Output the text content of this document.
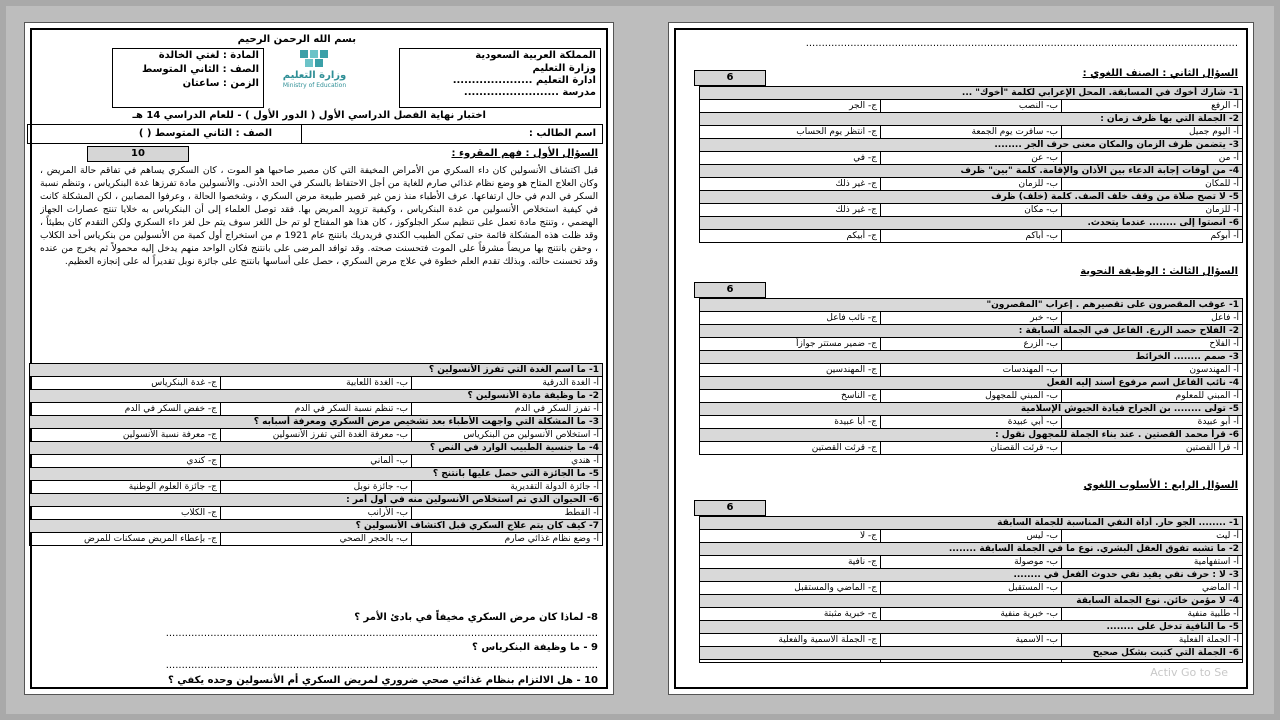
بسم الله الرحمن الرحيم
المملكة العربية السعودية
وزارة التعليم
ادارة التعليم .....................
مدرسة .........................
وزارة التعليم
Ministry of Education
المادة : لغتي الخالدة
الصف : الثاني المتوسط
الزمن : ساعتان
اختبار نهاية الفصل الدراسي الأول ( الدور الأول ) - للعام الدراسي 14 هـ
اسم الطالب :
الصف : الثاني المتوسط ( )
10	السؤال الأول : فهم المقروء :
قبل اكتشاف الأنسولين كان داء السكري من الأمراض المخيفة التي كان مصير صاحبها هو الموت ، كان السكري يساهم في تفاقم حالة المريض ، وكان العلاج المتاح هو وضع نظام غذائي صارم للغاية من أجل الاحتفاظ بالسكر في الحد الأدنى. والأنسولين مادة تفرزها غدة البنكرياس ، وتنظم نسبة السكر في الدم في حال ارتفاعها. عرف الأطباء منذ زمن غير قصير طبيعة مرض السكري ، وشخصوا الحالة ، وعرفوا المصابين ، لكن المشكلة كانت في كيفية استخلاص الأنسولين من غدة البنكرياس ، وكيفية تزويد المريض بها. فقد توصل العلماء إلى أن البنكرياس به خلايا تنتج عصارات الجهاز الهضمي ، وتنتج مادة تعمل على تنظيم سكر الجلوكوز ، كان هذا هو المفتاح لو تم حل اللغز سوف يتم حل لغز داء السكري ولكن التقدم كان بطيئاً ، وقد ظلت هذه المشكلة قائمة حتى تمكن الطبيب الكندي فريدريك بانتنج عام 1921 م من استخراج أول كمية من الأنسولين من بنكرياس أحد الكلاب ، وحقن بانتنج بها مريضاً مشرفاً على الموت فتحسنت صحته. وقد توافد المرضى على بانتنج فكان الواحد منهم يدخل إليه محمولاً ثم يخرج من عنده وقد تحسنت حالته. وبذلك تقدم العلم خطوة في علاج مرض السكري ، حصل على أساسها بانتنج على جائزة نوبل تقديراً له على إنجازه العظيم.
1- ما اسم الغدة التي تفرز الأنسولين ؟		
أ- الغدة الدرقية	ب- الغدة اللعابية	ج- غدة البنكرياس
2- ما وظيفة مادة الأنسولين ؟		
أ- تفرز السكر في الدم	ب- تنظم نسبة السكر في الدم	ج- خفض السكر في الدم
3- ما المشكلة التي واجهت الأطباء بعد تشخيص مرض السكري ومعرفة أسبابه ؟		
أ- استخلاص الأنسولين من البنكرياس	ب- معرفة الغدة التي تفرز الأنسولين	ج- معرفة نسبة الأنسولين
4- ما جنسية الطبيب الوارد في النص ؟		
أ- هندي	ب- ألماني	ج- كندي
5- ما الجائزة التي حصل عليها بانتنج ؟		
أ- جائزة الدولة التقديرية	ب- جائزة نوبل	ج- جائزة العلوم الوطنية
6- الحيوان الذي تم استخلاص الأنسولين منه في أول أمر :		
أ- القطط	ب- الأرانب	ج- الكلاب
7- كيف كان يتم علاج السكري قبل اكتشاف الأنسولين ؟		
أ- وضع نظام غذائي صارم	ب- بالحجر الصحي	ج- بإعطاء المريض مسكنات للمرض
8- لماذا كان مرض السكري مخيفاً في بادئ الأمر ؟
........................................................................................................................................
9 - ما وظيفة البنكرياس ؟
........................................................................................................................................
10 - هل الالتزام بنظام غذائي صحي ضروري لمريض السكري أم الأنسولين وحده يكفي ؟
........................................................................................................................................
السؤال الثاني : الصنف اللغوي :
6
1- شارك أخوك في المسابقة. المحل الإعرابي لكلمة "أخوك" ...		
أ- الرفع	ب- النصب	ج- الجر
2- الجملة التي بها ظرف زمان :		
أ- اليوم جميل	ب- سافرت يوم الجمعة	ج- انتظر يوم الحساب
3- يتضمن ظرف الزمان والمكان معنى حرف الجر ........		
أ- من	ب- عن	ج- في
4- من أوقات إجابة الدعاء بين الأذان والإقامة. كلمة "بين" ظرف		
أ- للمكان	ب- للزمان	ج- غير ذلك
5- لا تصح صلاة من وقف خلف الصف. كلمة (خلف) ظرف		
أ- للزمان	ب- مكان	ج- غير ذلك
6- انصتوا إلى ........ عندما يتحدث.		
أ- أبوكم	ب- أباكم	ج- أبيكم
السؤال الثالث : الوظيفة النحوية
6
1- عوقب المقصرون على تقصيرهم . إعراب "المقصرون"		
أ- فاعل	ب- خبر	ج- نائب فاعل
2- الفلاح حصد الزرع. الفاعل في الجملة السابقة :		
أ- الفلاح	ب- الزرع	ج- ضمير مستتر جوازاً
3- صمم ........ الخرائط		
أ- المهندسون	ب- المهندسات	ج- المهندسين
4- نائب الفاعل اسم مرفوع أسند إليه الفعل		
أ- المبني للمعلوم	ب- المبني للمجهول	ج- الناسخ
5- تولى ........ بن الجراح قيادة الجيوش الإسلامية		
أ- أبو عبيدة	ب- أبي عبيدة	ج- أبا عبيدة
6- قرأ محمد القصتين . عند بناء الجملة للمجهول نقول :		
أ- قرأ القصتين	ب- قرئت القصتان	ج- قرئت القصتين
السؤال الرابع : الأسلوب اللغوي
6
1- ........ الجو حار. أداة النفي المناسبة للجملة السابقة		
أ- ليت	ب- ليس	ج- لا
2- ما تشبه تفوق العقل البشري. نوع ما في الجملة السابقة ........		
أ- استفهامية	ب- موصولة	ج- نافية
3- لا : حرف نفي يفيد نفي حدوث الفعل في ........		
أ- الماضي	ب- المستقبل	ج- الماضي والمستقبل
4- لا مؤمن خائن. نوع الجملة السابقة		
أ- طلبية منفية	ب- خبرية منفية	ج- خبرية مثبتة
5- ما النافية تدخل على ........		
أ- الجملة الفعلية	ب- الاسمية	ج- الجملة الاسمية والفعلية
6- الجملة التي كتبت بشكل صحيح		

Activ Go to Se
